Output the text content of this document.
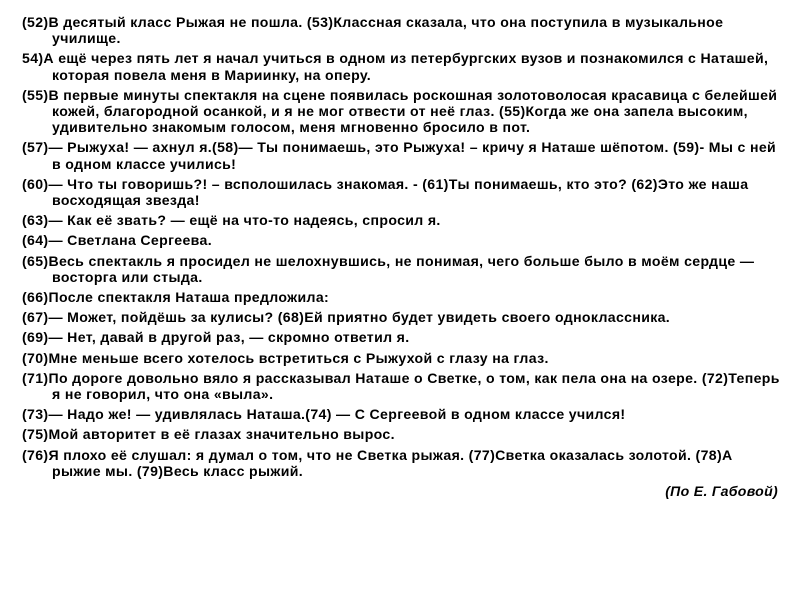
(52)В десятый класс Рыжая не пошла. (53)Классная сказала, что она поступила в музыкальное училище.

54)А ещё через пять лет я начал учиться в одном из петербургских вузов и познакомился с Наташей, которая повела меня в Мариинку, на оперу.

(55)В первые минуты спектакля на сцене появилась роскошная золотоволосая красавица с белейшей кожей, благородной осанкой, и я не мог отвести от неё глаз. (55)Когда же она запела высоким, удивительно знакомым голосом, меня мгновенно бросило в пот.

(57)— Рыжуха! — ахнул я.(58)— Ты понимаешь, это Рыжуха! – кричу я Наташе шёпотом. (59)- Мы с ней в одном классе учились!

(60)— Что ты говоришь?! – всполошилась знакомая. - (61)Ты понимаешь, кто это? (62)Это же наша восходящая звезда!

(63)— Как её звать? — ещё на что-то надеясь, спросил я.

(64)— Светлана Сергеева.

(65)Весь спектакль я просидел не шелохнувшись, не понимая, чего больше было в моём сердце — восторга или стыда.

(66)После спектакля Наташа предложила:

(67)— Может, пойдёшь за кулисы? (68)Ей приятно будет увидеть своего одноклассника.

(69)— Нет, давай в другой раз, — скромно ответил я.

(70)Мне меньше всего хотелось встретиться с Рыжухой с глазу на глаз.

(71)По дороге довольно вяло я рассказывал Наташе о Светке, о том, как пела она на озере. (72)Теперь я не говорил, что она «выла».

(73)— Надо же! — удивлялась Наташа.(74) — С Сергеевой в одном классе учился!

(75)Мой авторитет в её глазах значительно вырос.

(76)Я плохо её слушал: я думал о том, что не Светка рыжая. (77)Светка оказалась золотой. (78)А рыжие мы. (79)Весь класс рыжий.

(По Е. Габовой)
